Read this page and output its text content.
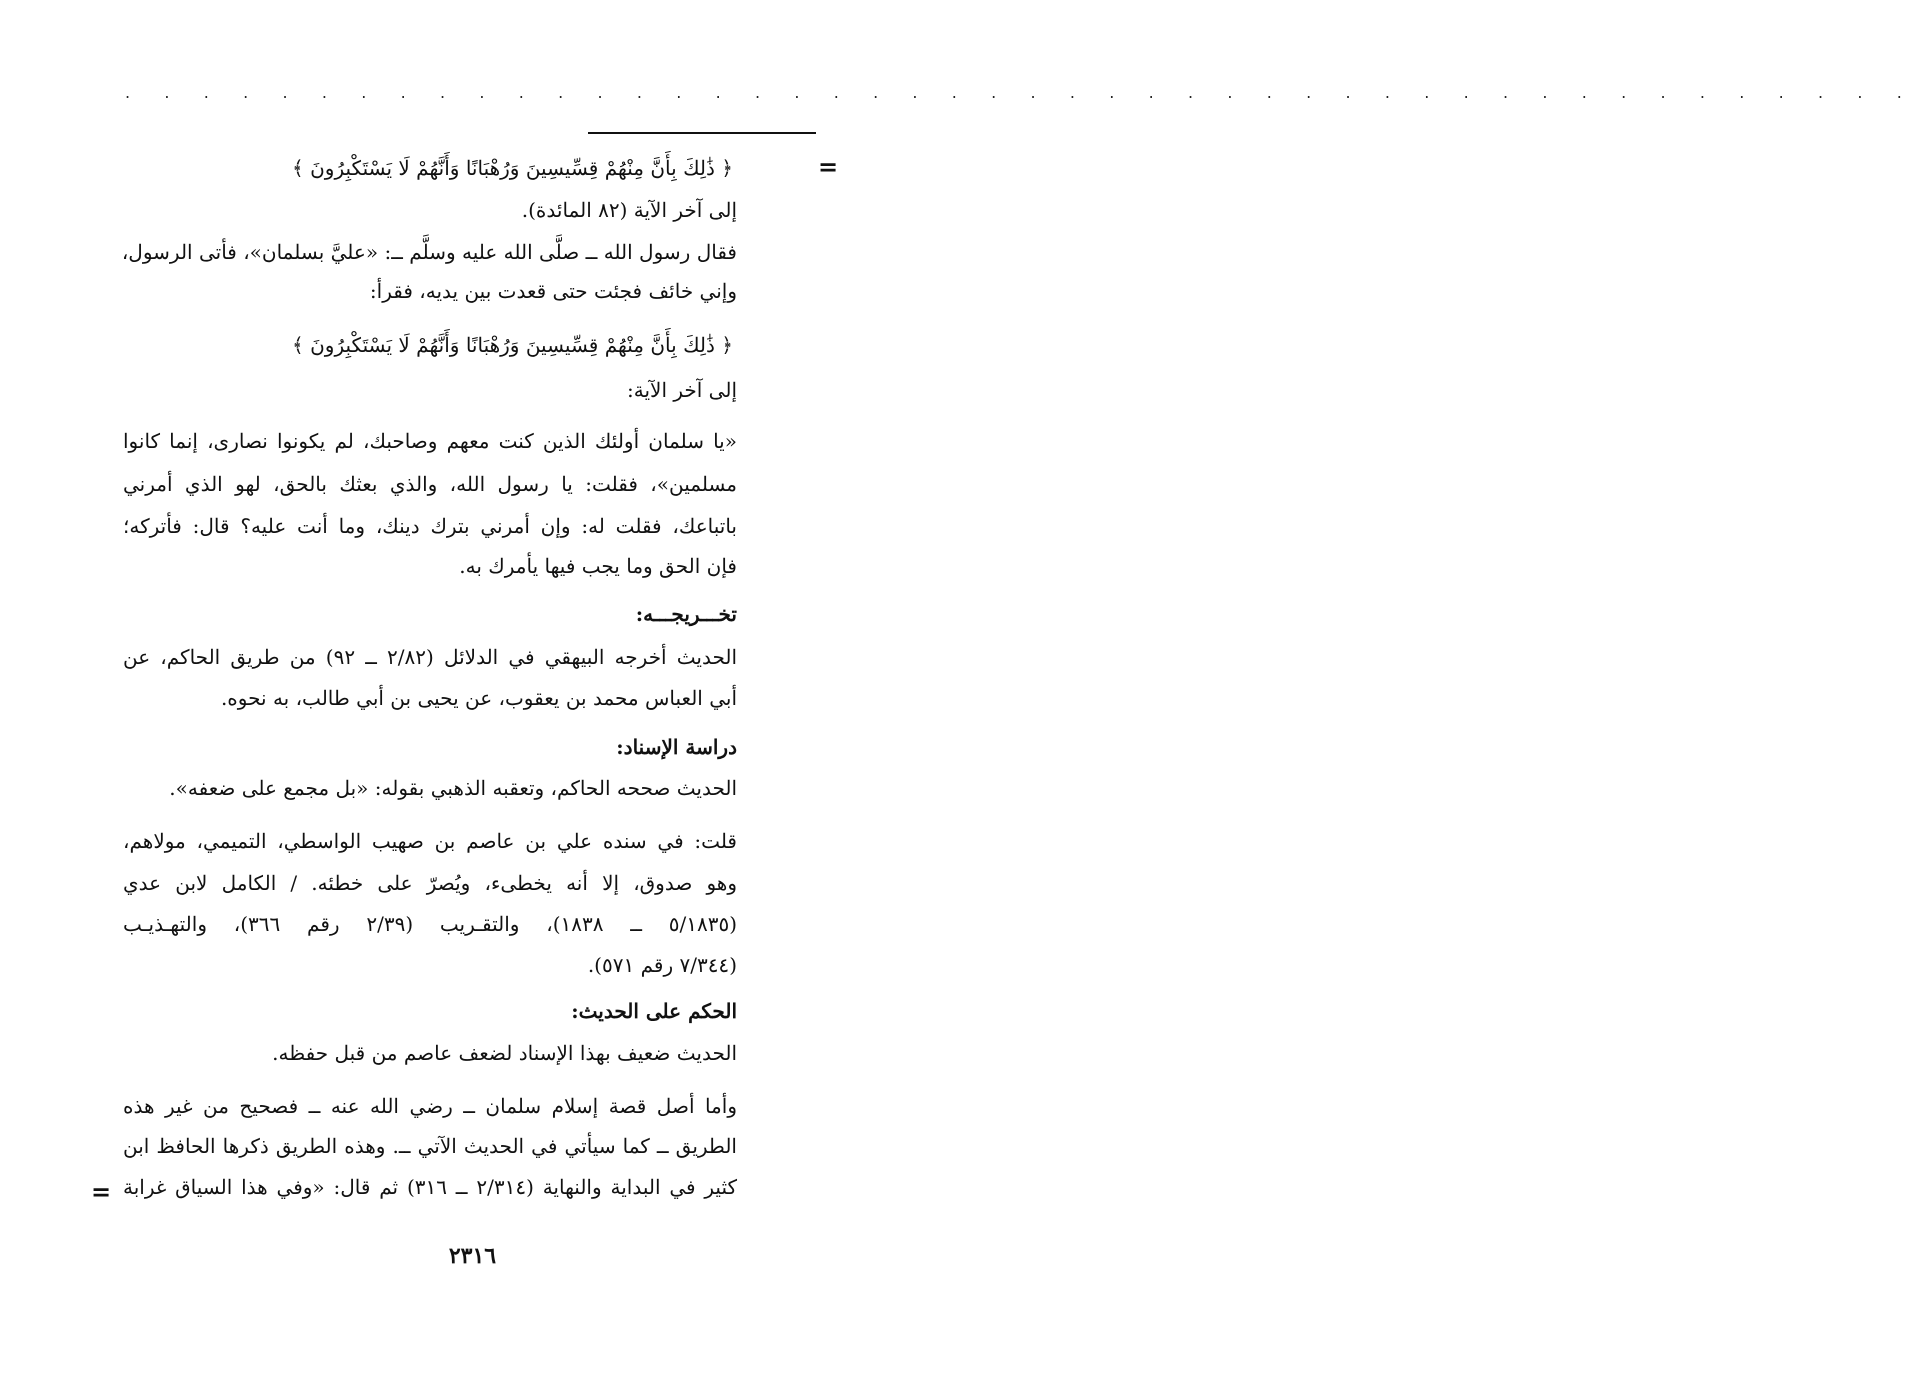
. . . . . . . . . . . . . . . . . . . . . . . . . . . . . . . . . . . . . . . . . . . . . .
=
﴿ ذَٰلِكَ بِأَنَّ مِنْهُمْ قِسِّيسِينَ وَرُهْبَانًا وَأَنَّهُمْ لَا يَسْتَكْبِرُونَ ﴾
إلى آخر الآية (٨٢ المائدة).
فقال رسول الله ــ صلَّى الله عليه وسلَّم ــ: «عليَّ بسلمان»، فأتى الرسول،
وإني خائف فجئت حتى قعدت بين يديه، فقرأ:
﴿ ذَٰلِكَ بِأَنَّ مِنْهُمْ قِسِّيسِينَ وَرُهْبَانًا وَأَنَّهُمْ لَا يَسْتَكْبِرُونَ ﴾
إلى آخر الآية:
«يا سلمان أولئك الذين كنت معهم وصاحبك، لم يكونوا نصارى، إنما كانوا
مسلمين»، فقلت: يا رسول الله، والذي بعثك بالحق، لهو الذي أمرني
باتباعك، فقلت له: وإن أمرني بترك دينك، وما أنت عليه؟ قال: فأتركه؛
فإن الحق وما يجب فيها يأمرك به.
تخـــريجـــه:
الحديث أخرجه البيهقي في الدلائل (٢/٨٢ ــ ٩٢) من طريق الحاكم، عن
أبي العباس محمد بن يعقوب، عن يحيى بن أبي طالب، به نحوه.
دراسة الإسناد:
الحديث صححه الحاكم، وتعقبه الذهبي بقوله: «بل مجمع على ضعفه».
قلت: في سنده علي بن عاصم بن صهيب الواسطي، التميمي، مولاهم،
وهو صدوق، إلا أنه يخطىء، ويُصرّ على خطئه. / الكامل لابن عدي
(٥/١٨٣٥ ــ ١٨٣٨)، والتقـريب (٢/٣٩ رقم ٣٦٦)، والتهـذيـب
(٧/٣٤٤ رقم ٥٧١).
الحكم على الحديث:
الحديث ضعيف بهذا الإسناد لضعف عاصم من قبل حفظه.
وأما أصل قصة إسلام سلمان ــ رضي الله عنه ــ فصحيح من غير هذه
الطريق ــ كما سيأتي في الحديث الآتي ــ. وهذه الطريق ذكرها الحافظ ابن
كثير في البداية والنهاية (٢/٣١٤ ــ ٣١٦) ثم قال: «وفي هذا السياق غرابة
=
٢٣١٦
